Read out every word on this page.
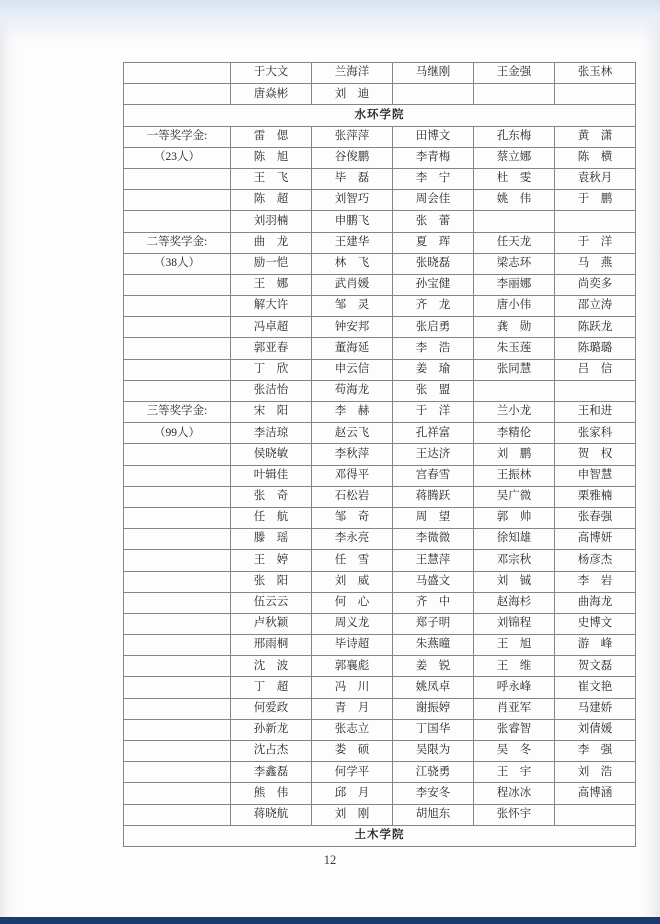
	于大文	兰海洋	马继刚	王金强	张玉林
	唐焱彬	刘　迪			
水环学院					
一等奖学金:	雷　偲	张萍萍	田博文	孔东梅	黄　潇
（23人）	陈　旭	谷俊鹏	李青梅	蔡立娜	陈　横
	王　飞	毕　磊	李　宁	杜　雯	袁秋月
	陈　超	刘智巧	周会佳	姚　伟	于　鹏
	刘羽楠	申鹏飞	张　蕾		
二等奖学金:	曲　龙	王建华	夏　珲	任天龙	于　洋
（38人）	励一恺	林　飞	张晓磊	梁志环	马　燕
	王　娜	武肖媛	孙宝健	李丽娜	尚奕多
	解大许	邹　灵	齐　龙	唐小伟	邵立涛
	冯卓超	钟安邦	张启勇	龚　勋	陈跃龙
	郭亚春	董海延	李　浩	朱玉莲	陈璐璐
	丁　欣	申云信	姜　瑜	张同慧	吕　信
	张洁怡	苟海龙	张　盟		
三等奖学金:	宋　阳	李　赫	于　洋	兰小龙	王和进
（99人）	李洁琼	赵云飞	孔祥富	李精伦	张家科
	侯晓敏	李秋萍	王达济	刘　鹏	贺　权
	叶辑佳	邓得平	宫春雪	王振林	申智慧
	张　奇	石松岩	蒋腾跃	吴广微	栗雅楠
	任　航	邹　奇	周　望	郭　帅	张春强
	滕　瑶	李永亮	李微微	徐知雄	高博妍
	王　婷	任　雪	王慧萍	邓宗秋	杨彦杰
	张　阳	刘　威	马盛文	刘　铖	李　岩
	伍云云	何　心	齐　中	赵海杉	曲海龙
	卢秋颖	周义龙	郑子明	刘锦程	史博文
	邢雨桐	毕诗超	朱燕曈	王　旭	游　峰
	沈　波	郭襄彪	姜　锐	王　维	贺文磊
	丁　超	冯　川	姚凤卓	呼永峰	崔文艳
	何爱政	青　月	谢振婷	肖亚军	马建娇
	孙新龙	张志立	丁国华	张睿智	刘倩媛
	沈占杰	娄　硕	吴限为	吴　冬	李　强
	李鑫磊	何学平	江骁勇	王　宇	刘　浩
	熊　伟	邱　月	李安冬	程冰冰	高博涵
	蒋晓航	刘　刚	胡旭东	张怀宇	
土木学院					
12
